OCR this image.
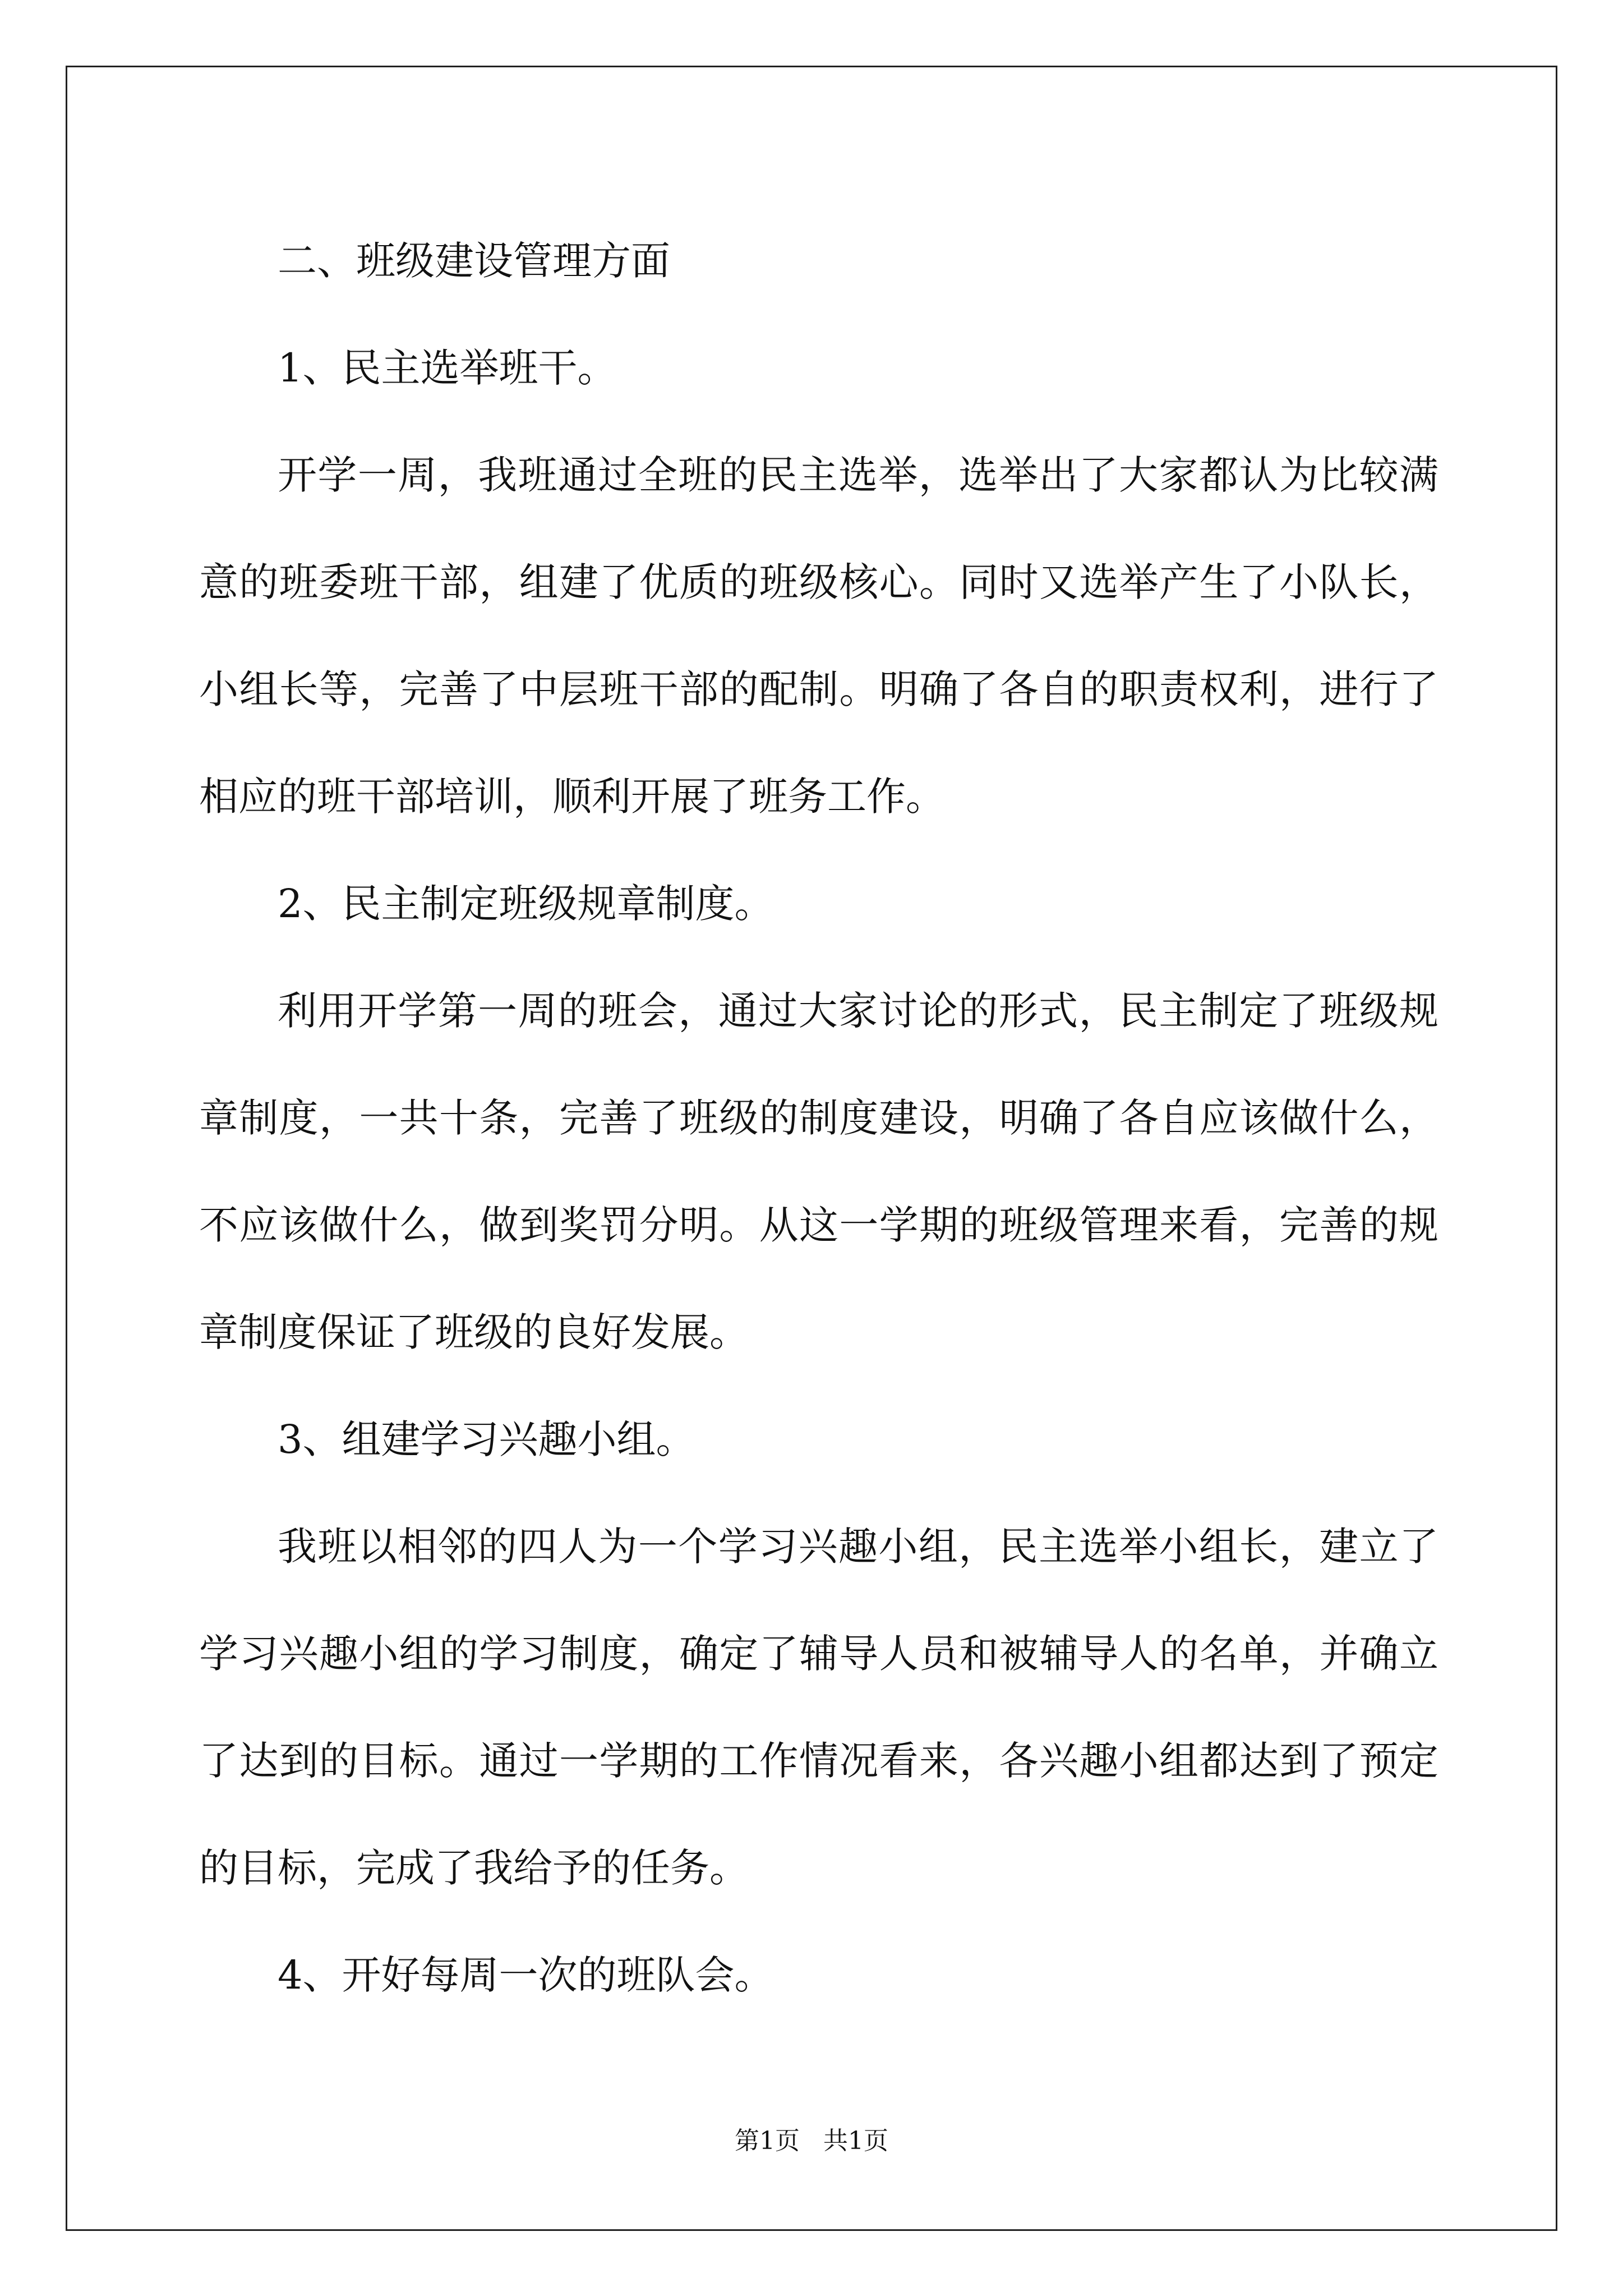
二、班级建设管理方面

1、民主选举班干。

开学一周，我班通过全班的民主选举，选举出了大家都认为比较满意的班委班干部，组建了优质的班级核心。同时又选举产生了小队长，小组长等，完善了中层班干部的配制。明确了各自的职责权利，进行了相应的班干部培训，顺利开展了班务工作。

2、民主制定班级规章制度。

利用开学第一周的班会，通过大家讨论的形式，民主制定了班级规章制度，一共十条，完善了班级的制度建设，明确了各自应该做什么，不应该做什么，做到奖罚分明。从这一学期的班级管理来看，完善的规章制度保证了班级的良好发展。

3、组建学习兴趣小组。

我班以相邻的四人为一个学习兴趣小组，民主选举小组长，建立了学习兴趣小组的学习制度，确定了辅导人员和被辅导人的名单，并确立了达到的目标。通过一学期的工作情况看来，各兴趣小组都达到了预定的目标，完成了我给予的任务。

4、开好每周一次的班队会。

第1页 共1页
